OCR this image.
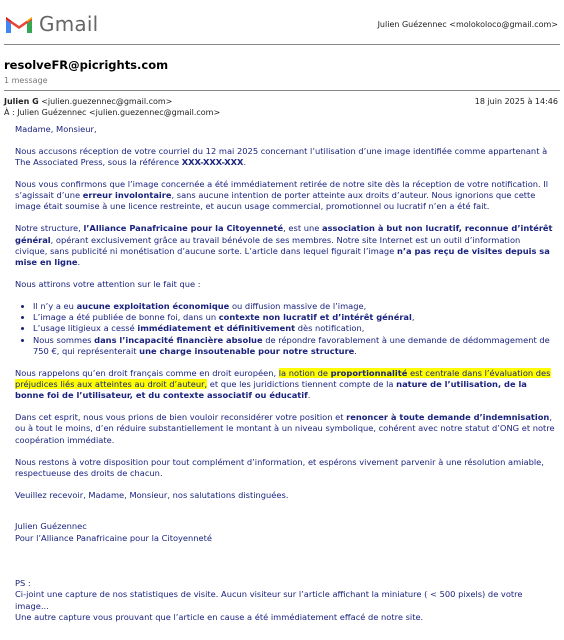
Gmail	Julien Guézennec <molokoloco@gmail.com>
resolveFR@picrights.com
1 message
Julien G <julien.guezennec@gmail.com>
À : Julien Guézennec <julien.guezennec@gmail.com>
18 juin 2025 à 14:46

Madame, Monsieur,

Nous accusons réception de votre courriel du 12 mai 2025 concernant l’utilisation d’une image identifiée comme appartenant à The Associated Press, sous la référence XXX-XXX-XXX.

Nous vous confirmons que l’image concernée a été immédiatement retirée de notre site dès la réception de votre notification. Il s’agissait d’une erreur involontaire, sans aucune intention de porter atteinte aux droits d’auteur. Nous ignorions que cette image était soumise à une licence restreinte, et aucun usage commercial, promotionnel ou lucratif n’en a été fait.

Notre structure, l’Alliance Panafricaine pour la Citoyenneté, est une association à but non lucratif, reconnue d’intérêt général, opérant exclusivement grâce au travail bénévole de ses membres. Notre site Internet est un outil d’information civique, sans publicité ni monétisation d’aucune sorte. L’article dans lequel figurait l’image n’a pas reçu de visites depuis sa mise en ligne.

Nous attirons votre attention sur le fait que :

• Il n’y a eu aucune exploitation économique ou diffusion massive de l’image,
• L’image a été publiée de bonne foi, dans un contexte non lucratif et d’intérêt général,
• L’usage litigieux a cessé immédiatement et définitivement dès notification,
• Nous sommes dans l’incapacité financière absolue de répondre favorablement à une demande de dédommagement de 750 €, qui représenterait une charge insoutenable pour notre structure.

Nous rappelons qu’en droit français comme en droit européen, la notion de proportionnalité est centrale dans l’évaluation des préjudices liés aux atteintes au droit d’auteur, et que les juridictions tiennent compte de la nature de l’utilisation, de la bonne foi de l’utilisateur, et du contexte associatif ou éducatif.

Dans cet esprit, nous vous prions de bien vouloir reconsidérer votre position et renoncer à toute demande d’indemnisation, ou à tout le moins, d’en réduire substantiellement le montant à un niveau symbolique, cohérent avec notre statut d’ONG et notre coopération immédiate.

Nous restons à votre disposition pour tout complément d’information, et espérons vivement parvenir à une résolution amiable, respectueuse des droits de chacun.

Veuillez recevoir, Madame, Monsieur, nos salutations distinguées.

Julien Guézennec
Pour l’Alliance Panafricaine pour la Citoyenneté
PS :
Ci-joint une capture de nos statistiques de visite. Aucun visiteur sur l’article affichant la miniature ( < 500 pixels) de votre image...
Une autre capture vous prouvant que l’article en cause a été immédiatement effacé de notre site.
